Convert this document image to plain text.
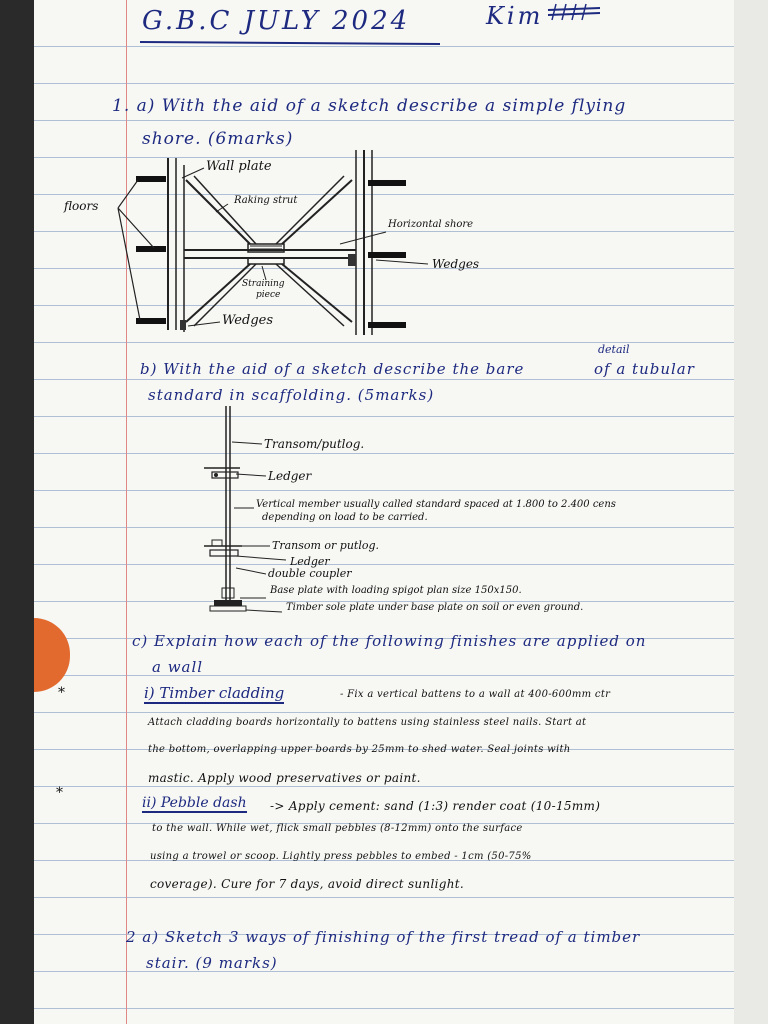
G.B.C JULY 2024	Kim
1. a) With the aid of a sketch describe a simple flying
shore. (6marks)
Wall plate
Raking strut
floors
Horizontal shore
Wedges
Straining
piece
Wedges
b) With the aid of a sketch describe the bare
detail
of a tubular
standard in scaffolding. (5marks)
Transom/putlog.
Ledger
Vertical member usually called standard spaced at 1.800 to 2.400 cens
depending on load to be carried.
Transom or putlog.
Ledger
double coupler
Base plate with loading spigot plan size 150x150.
Timber sole plate under base plate on soil or even ground.
c) Explain how each of the following finishes are applied on
a wall
*	i) Timber cladding	- Fix a vertical battens to a wall at 400-600mm ctr
Attach cladding boards horizontally to battens using stainless steel nails. Start at
the bottom, overlapping upper boards by 25mm to shed water. Seal joints with
mastic. Apply wood preservatives or paint.
*
ii) Pebble dash -> Apply cement: sand (1:3) render coat (10-15mm)
to the wall. While wet, flick small pebbles (8-12mm) onto the surface
using a trowel or scoop. Lightly press pebbles to embed - 1cm (50-75%
coverage). Cure for 7 days, avoid direct sunlight.
2 a) Sketch 3 ways of finishing of the first tread of a timber
stair. (9 marks)
